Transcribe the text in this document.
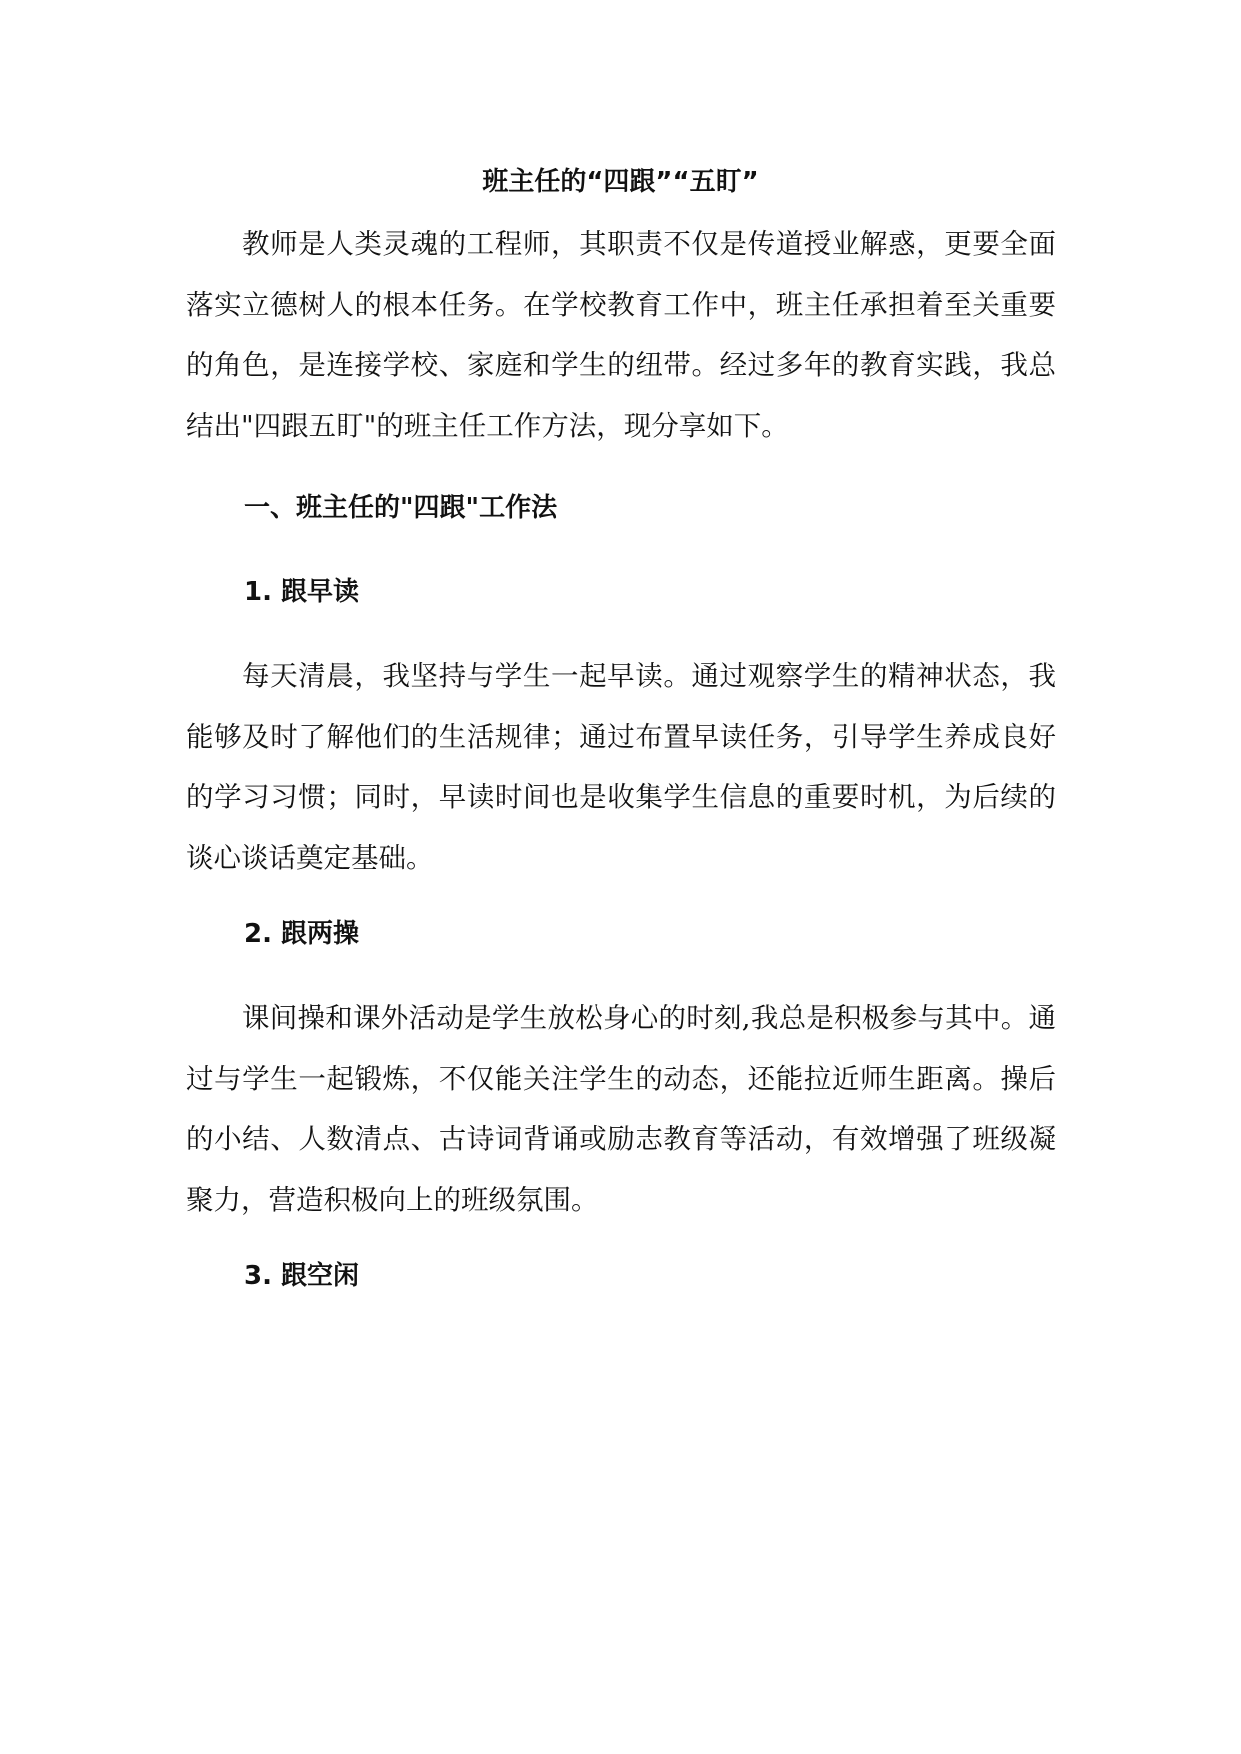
班主任的“四跟”“五盯”

教师是人类灵魂的工程师，其职责不仅是传道授业解惑，更要全面落实立德树人的根本任务。在学校教育工作中，班主任承担着至关重要的角色，是连接学校、家庭和学生的纽带。经过多年的教育实践，我总结出"四跟五盯"的班主任工作方法，现分享如下。

一、班主任的"四跟"工作法
1. 跟早读

每天清晨，我坚持与学生一起早读。通过观察学生的精神状态，我能够及时了解他们的生活规律；通过布置早读任务，引导学生养成良好的学习习惯；同时，早读时间也是收集学生信息的重要时机，为后续的谈心谈话奠定基础。

2. 跟两操

课间操和课外活动是学生放松身心的时刻,我总是积极参与其中。通过与学生一起锻炼，不仅能关注学生的动态，还能拉近师生距离。操后的小结、人数清点、古诗词背诵或励志教育等活动，有效增强了班级凝聚力，营造积极向上的班级氛围。

3. 跟空闲
